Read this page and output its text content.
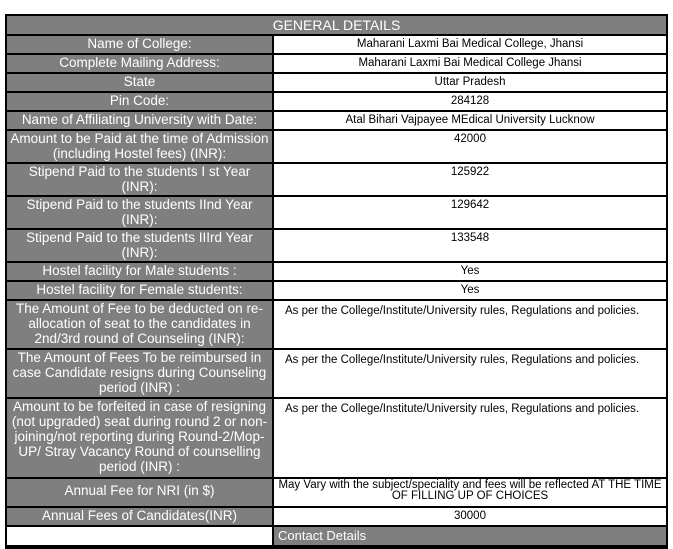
GENERAL DETAILS
Name of College:		Maharani Laxmi Bai Medical College, Jhansi
Complete Mailing Address:		Maharani Laxmi Bai Medical College Jhansi
State		Uttar Pradesh
Pin Code:		284128
Name of Affiliating University with Date:		Atal Bihari Vajpayee MEdical University Lucknow
Amount to be Paid at the time of Admission (including Hostel fees) (INR):		42000
Stipend Paid to the students I st Year (INR):		125922
Stipend Paid to the students IInd Year (INR):		129642
Stipend Paid to the students IIIrd Year (INR):		133548
Hostel facility for Male students :		Yes
Hostel facility for Female students:		Yes
The Amount of Fee to be deducted on re-allocation of seat to the candidates in 2nd/3rd round of Counseling (INR):		As per the College/Institute/University rules, Regulations and policies.
The Amount of Fees To be reimbursed in case Candidate resigns during Counseling period (INR) :		As per the College/Institute/University rules, Regulations and policies.
Amount to be forfeited in case of resigning (not upgraded) seat during round 2 or non-joining/not reporting during Round-2/Mop-UP/ Stray Vacancy Round of counselling period (INR) :		As per the College/Institute/University rules, Regulations and policies.
Annual Fee for NRI (in $)		May Vary with the subject/speciality and fees will be reflected AT THE TIME OF FILLING UP OF CHOICES
Annual Fees of Candidates(INR)		30000
		Contact Details
